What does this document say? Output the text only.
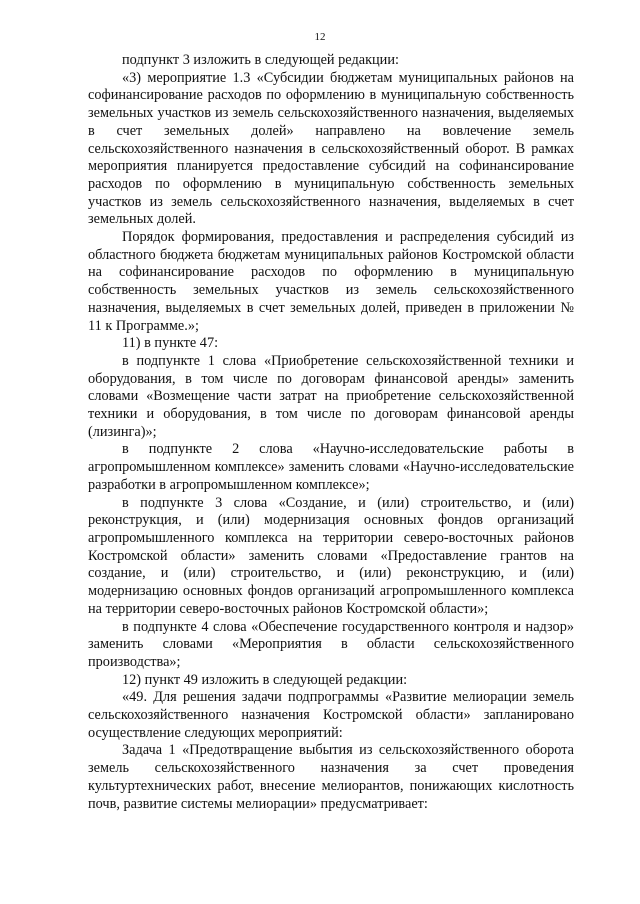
12

подпункт 3 изложить в следующей редакции:

«3) мероприятие 1.3 «Субсидии бюджетам муниципальных районов на софинансирование расходов по оформлению в муниципальную собственность земельных участков из земель сельскохозяйственного назначения, выделяемых в счет земельных долей» направлено на вовлечение земель сельскохозяйственного назначения в сельскохозяйственный оборот. В рамках мероприятия планируется предоставление субсидий на софинансирование расходов по оформлению в муниципальную собственность земельных участков из земель сельскохозяйственного назначения, выделяемых в счет земельных долей.

Порядок формирования, предоставления и распределения субсидий из областного бюджета бюджетам муниципальных районов Костромской области на софинансирование расходов по оформлению в муниципальную собственность земельных участков из земель сельскохозяйственного назначения, выделяемых в счет земельных долей, приведен в приложении № 11 к Программе.»;

11) в пункте 47:

в подпункте 1 слова «Приобретение сельскохозяйственной техники и оборудования, в том числе по договорам финансовой аренды» заменить словами «Возмещение части затрат на приобретение сельскохозяйственной техники и оборудования, в том числе по договорам финансовой аренды (лизинга)»;

в подпункте 2 слова «Научно-исследовательские работы в агропромышленном комплексе» заменить словами «Научно-исследовательские разработки в агропромышленном комплексе»;

в подпункте 3 слова «Создание, и (или) строительство, и (или) реконструкция, и (или) модернизация основных фондов организаций агропромышленного комплекса на территории северо-восточных районов Костромской области» заменить словами «Предоставление грантов на создание, и (или) строительство, и (или) реконструкцию, и (или) модернизацию основных фондов организаций агропромышленного комплекса на территории северо-восточных районов Костромской области»;

в подпункте 4 слова «Обеспечение государственного контроля и надзор» заменить словами «Мероприятия в области сельскохозяйственного производства»;

12) пункт 49 изложить в следующей редакции:

«49. Для решения задачи подпрограммы «Развитие мелиорации земель сельскохозяйственного назначения Костромской области» запланировано осуществление следующих мероприятий:

Задача 1 «Предотвращение выбытия из сельскохозяйственного оборота земель сельскохозяйственного назначения за счет проведения культуртехнических работ, внесение мелиорантов, понижающих кислотность почв, развитие системы мелиорации» предусматривает:
